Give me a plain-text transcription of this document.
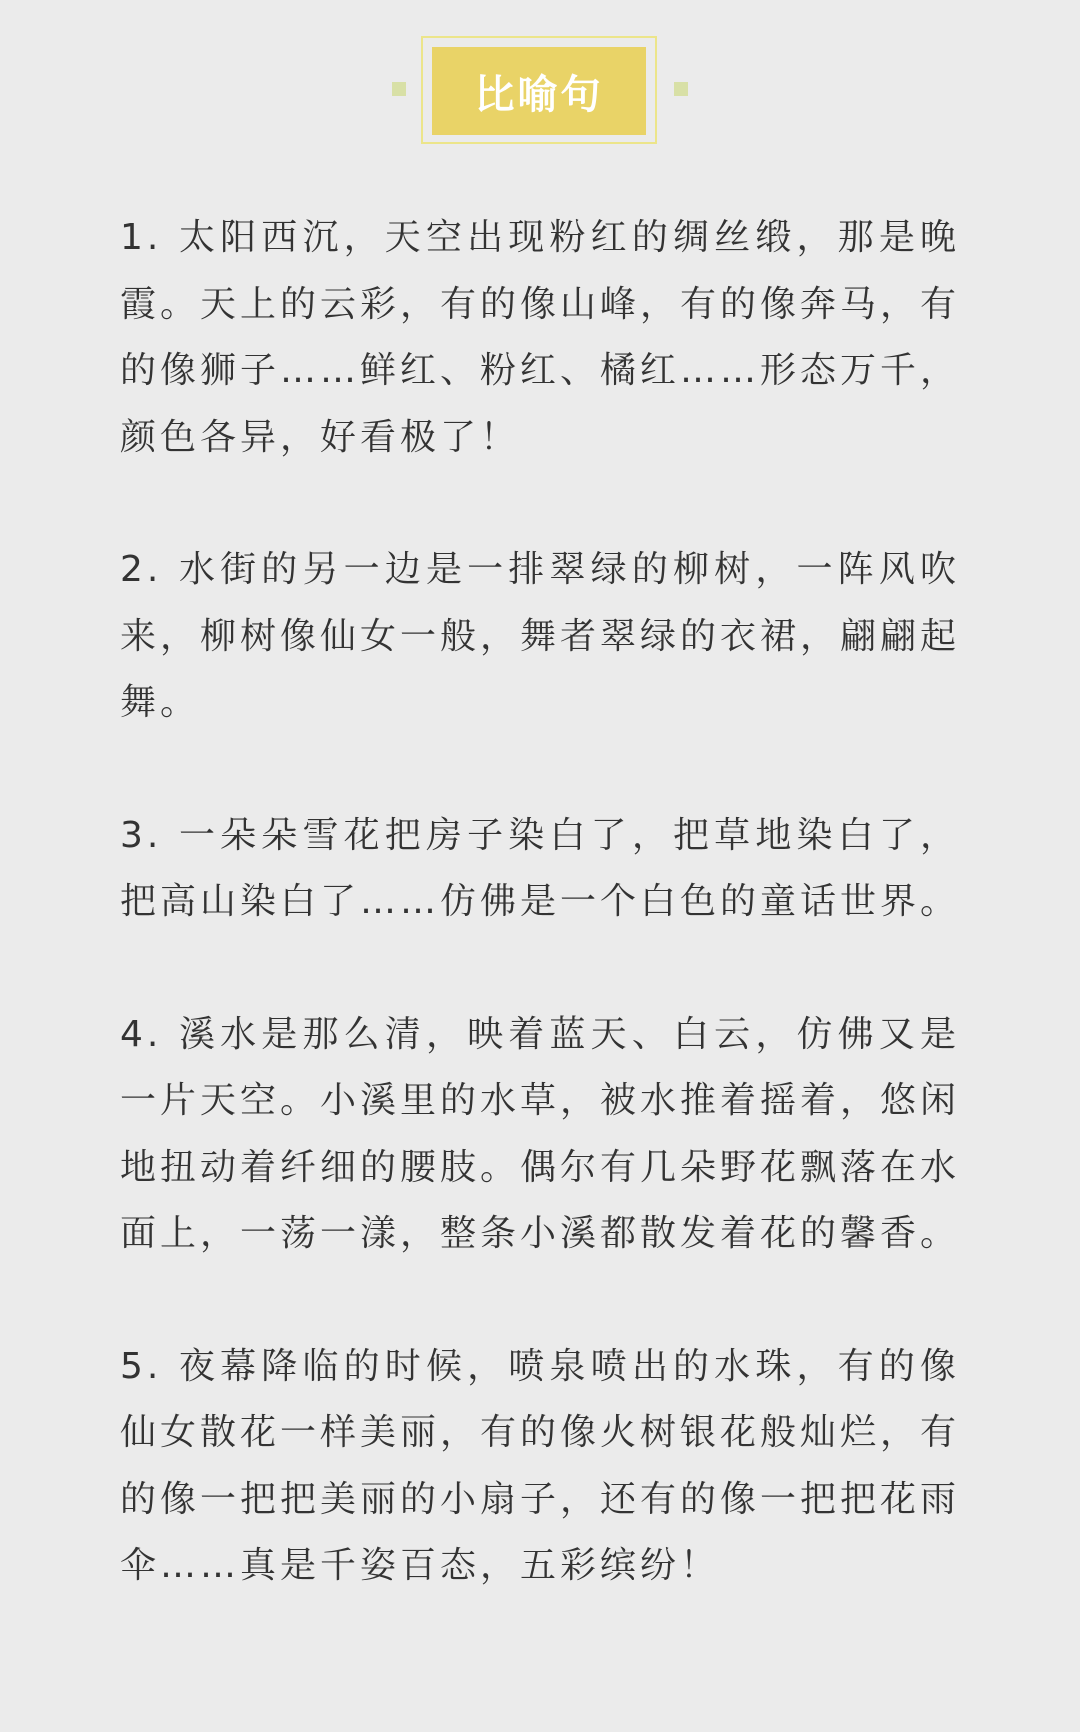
比喻句

1. 太阳西沉，天空出现粉红的绸丝缎，那是晚霞。天上的云彩，有的像山峰，有的像奔马，有的像狮子……鲜红、粉红、橘红……形态万千，颜色各异，好看极了！

2. 水街的另一边是一排翠绿的柳树，一阵风吹来，柳树像仙女一般，舞者翠绿的衣裙，翩翩起舞。

3. 一朵朵雪花把房子染白了，把草地染白了，把高山染白了……仿佛是一个白色的童话世界。

4. 溪水是那么清，映着蓝天、白云，仿佛又是一片天空。小溪里的水草，被水推着摇着，悠闲地扭动着纤细的腰肢。偶尔有几朵野花飘落在水面上，一荡一漾，整条小溪都散发着花的馨香。

5. 夜幕降临的时候，喷泉喷出的水珠，有的像仙女散花一样美丽，有的像火树银花般灿烂，有的像一把把美丽的小扇子，还有的像一把把花雨伞……真是千姿百态，五彩缤纷！
